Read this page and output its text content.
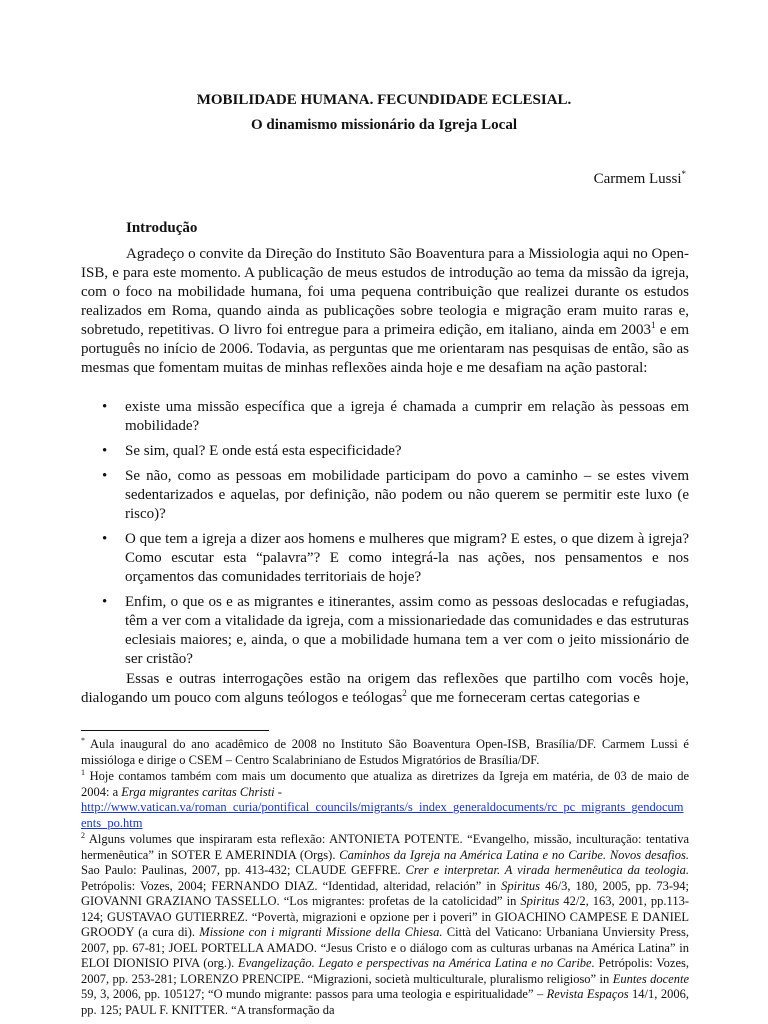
MOBILIDADE HUMANA. FECUNDIDADE ECLESIAL.
O dinamismo missionário da Igreja Local
Carmem Lussi*
Introdução

Agradeço o convite da Direção do Instituto São Boaventura para a Missiologia aqui no Open-ISB, e para este momento. A publicação de meus estudos de introdução ao tema da missão da igreja, com o foco na mobilidade humana, foi uma pequena contribuição que realizei durante os estudos realizados em Roma, quando ainda as publicações sobre teologia e migração eram muito raras e, sobretudo, repetitivas. O livro foi entregue para a primeira edição, em italiano, ainda em 2003$^1$ e em português no início de 2006. Todavia, as perguntas que me orientaram nas pesquisas de então, são as mesmas que fomentam muitas de minhas reflexões ainda hoje e me desafiam na ação pastoral:

• existe uma missão específica que a igreja é chamada a cumprir em relação às pessoas em mobilidade?
• Se sim, qual? E onde está esta especificidade?
• Se não, como as pessoas em mobilidade participam do povo a caminho – se estes vivem sedentarizados e aquelas, por definição, não podem ou não querem se permitir este luxo (e risco)?
• O que tem a igreja a dizer aos homens e mulheres que migram? E estes, o que dizem à igreja? Como escutar esta “palavra”? E como integrá-la nas ações, nos pensamentos e nos orçamentos das comunidades territoriais de hoje?
• Enfim, o que os e as migrantes e itinerantes, assim como as pessoas deslocadas e refugiadas, têm a ver com a vitalidade da igreja, com a missionariedade das comunidades e das estruturas eclesiais maiores; e, ainda, o que a mobilidade humana tem a ver com o jeito missionário de ser cristão?

Essas e outras interrogações estão na origem das reflexões que partilho com vocês hoje, dialogando um pouco com alguns teólogos e teólogas$^2$ que me forneceram certas categorias e

* Aula inaugural do ano acadêmico de 2008 no Instituto São Boaventura Open-ISB, Brasília/DF. Carmem Lussi é missióloga e dirige o CSEM – Centro Scalabriniano de Estudos Migratórios de Brasília/DF.

$^1$ Hoje contamos também com mais um documento que atualiza as diretrizes da Igreja em matéria, de 03 de maio de 2004: a Erga migrantes caritas Christi -
http://www.vatican.va/roman_curia/pontifical_councils/migrants/s_index_generaldocuments/rc_pc_migrants_gendocuments_po.htm

$^2$ Alguns volumes que inspiraram esta reflexão: ANTONIETA POTENTE. “Evangelho, missão, inculturação: tentativa hermenêutica” in SOTER E AMERINDIA (Orgs). Caminhos da Igreja na América Latina e no Caribe. Novos desafios. Sao Paulo: Paulinas, 2007, pp. 413-432; CLAUDE GEFFRE. Crer e interpretar. A virada hermenêutica da teologia. Petrópolis: Vozes, 2004; FERNANDO DIAZ. “Identidad, alteridad, relación” in Spiritus 46/3, 180, 2005, pp. 73-94; GIOVANNI GRAZIANO TASSELLO. “Los migrantes: profetas de la catolicidad” in Spiritus 42/2, 163, 2001, pp.113-124; GUSTAVAO GUTIERREZ. “Povertà, migrazioni e opzione per i poveri” in GIOACHINO CAMPESE E DANIEL GROODY (a cura di). Missione con i migranti Missione della Chiesa. Città del Vaticano: Urbaniana Unviersity Press, 2007, pp. 67-81; JOEL PORTELLA AMADO. “Jesus Cristo e o diálogo com as culturas urbanas na América Latina” in ELOI DIONISIO PIVA (org.). Evangelização. Legato e perspectivas na América Latina e no Caribe. Petrópolis: Vozes, 2007, pp. 253-281; LORENZO PRENCIPE. “Migrazioni, società multiculturale, pluralismo religioso” in Euntes docente 59, 3, 2006, pp. 105127; “O mundo migrante: passos para uma teologia e espiritualidade” – Revista Espaços 14/1, 2006, pp. 125; PAUL F. KNITTER. “A transformação da
